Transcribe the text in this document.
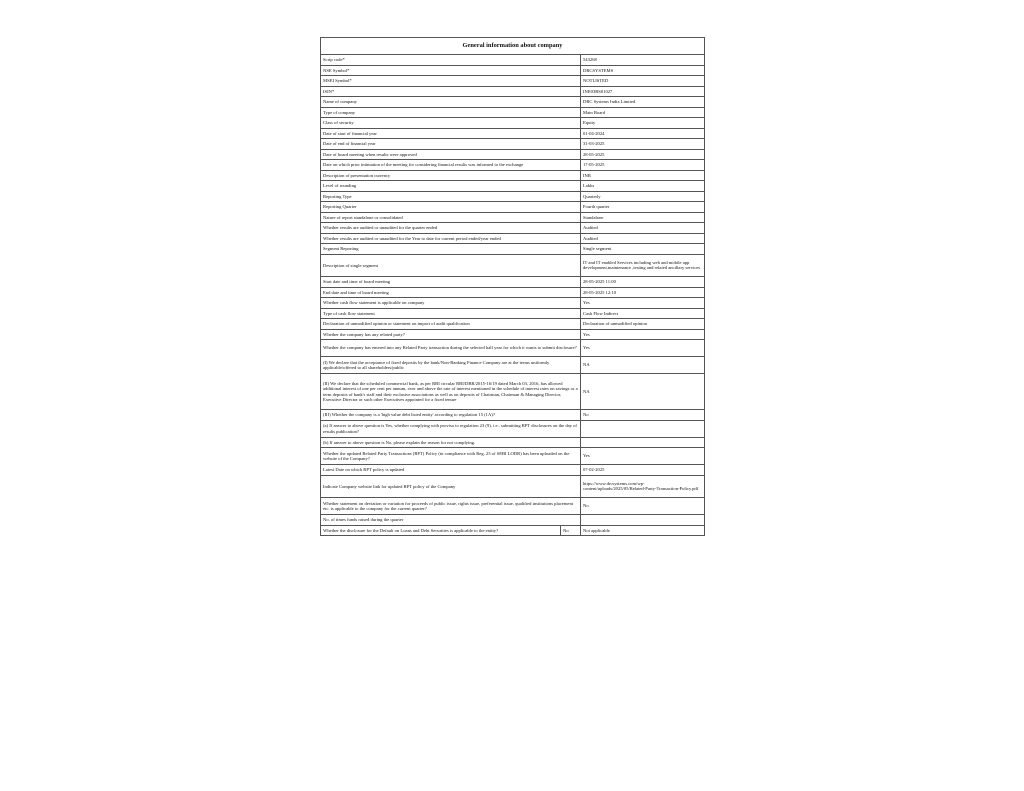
General information about company		
Scrip code*		543268
NSE Symbol*		DRCSYSTEMS
MSEI Symbol*		NOTLISTED
ISIN*		INE03RS01027
Name of company		DRC Systems India Limited
Type of company		Main Board
Class of security		Equity
Date of start of financial year		01-04-2024
Date of end of financial year		31-03-2025
Date of board meeting when results were approved		28-05-2025
Date on which prior intimation of the meeting for considering financial results was informed to the exchange		17-05-2025
Description of presentation currency		INR
Level of rounding		Lakhs
Reporting Type		Quarterly
Reporting Quarter		Fourth quarter
Nature of report standalone or consolidated		Standalone
Whether results are audited or unaudited for the quarter ended		Audited
Whether results are audited or unaudited for the Year to date for current period ended/year ended		Audited
Segment Reporting		Single segment
Description of single segment		IT and IT enabled Services including web and mobile app development,maintenance ,testing and related ancillary services
Start date and time of board meeting		28-05-2025 11:00
End date and time of board meeting		28-05-2025 12:10
Whether cash flow statement is applicable on company		Yes
Type of cash flow statement		Cash Flow Indirect
Declaration of unmodified opinion or statement on impact of audit qualification		Declaration of unmodified opinion
Whether the company has any related party?		Yes
Whether the company has entered into any Related Party transaction during the selected half year for which it wants to submit disclosure?		Yes
(I) We declare that the acceptance of fixed deposits by the bank/Non-Banking Finance Company are at the terms uniformly applicable/offered to all shareholders/public		NA
(II) We declare that the scheduled commercial bank, as per RBI circular RBI/DBR/2015-16/19 dated March 03, 2016, has allowed additional interest of one per cent per annum, over and above the rate of interest mentioned in the schedule of interest rates on savings or a term deposits of bank's staff and their exclusive associations as well as on deposits of Chairman, Chairman & Managing Director, Executive Director or such other Executives appointed for a fixed tenure		NA
(III) Whether the company is a 'high value debt listed entity' according to regulation 15 (1A)?		No
(a) If answer to above question is Yes, whether complying with proviso to regulation 23 (9), i.e., submitting RPT disclosures on the day of results publication?		
(b) If answer to above question is No, please explain the reason for not complying.		
Whether the updated Related Party Transactions (RPT) Policy (in compliance with Reg. 23 of SEBI LODR) has been uploaded on the website of the Company?		Yes
Latest Date on which RPT policy is updated		07-02-2025
Indicate Company website link for updated RPT policy of the Company		https://www.drcsystems.com/wp-content/uploads/2025/05/Related-Party-Transaction-Policy.pdf
Whether statement on deviation or variation for proceeds of public issue, rights issue, preferential issue, qualified institutions placement etc. is applicable to the company for the current quarter?		No
No. of times funds raised during the quarter		
Whether the disclosure for the Default on Loans and Debt Securities is applicable to the entity?	No	Not applicable
